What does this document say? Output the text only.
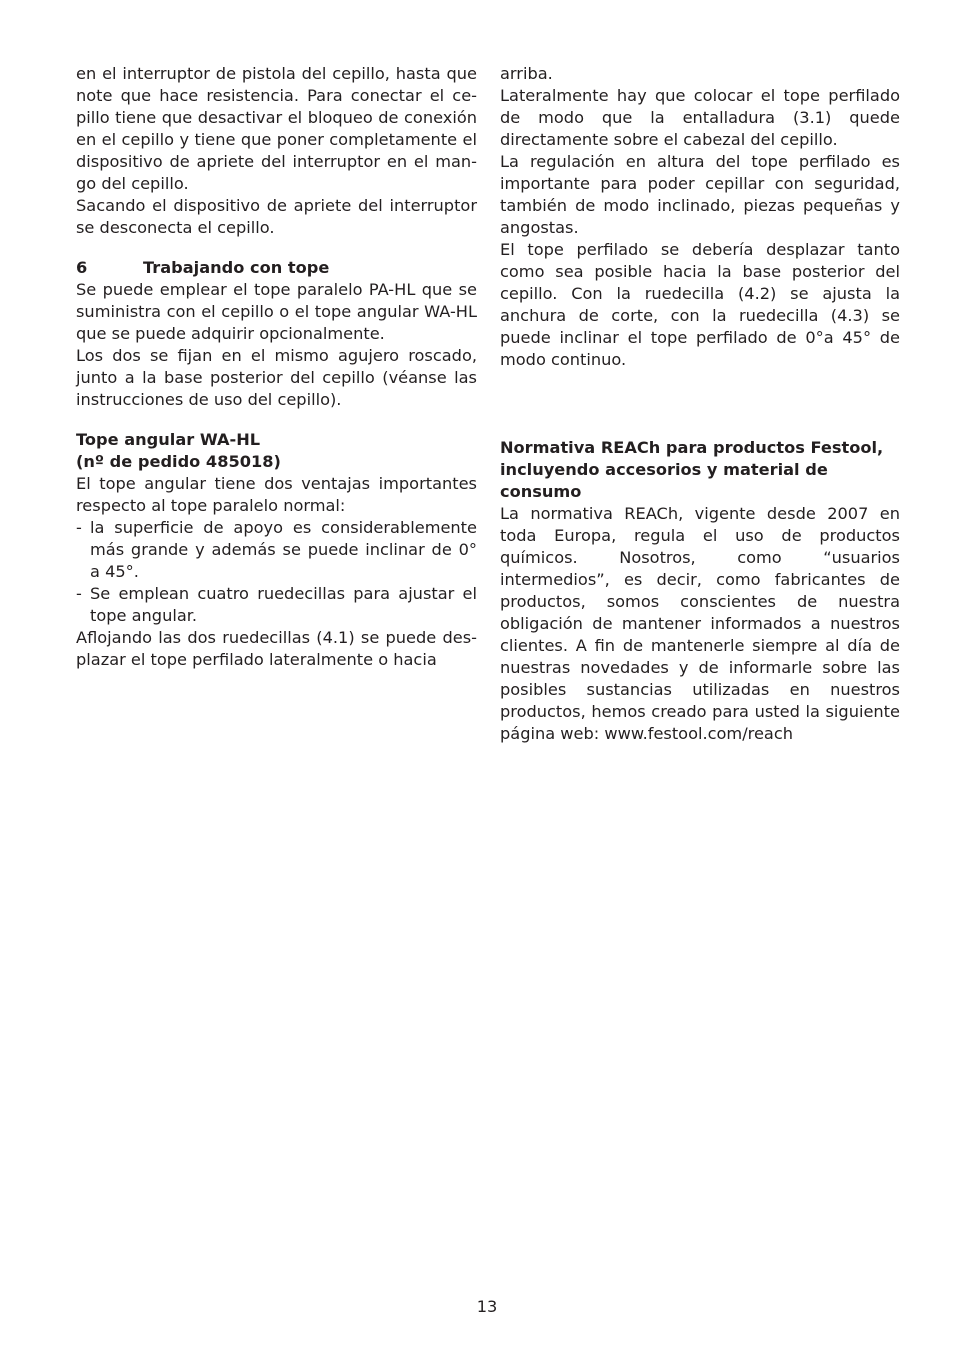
en el interruptor de pistola del cepillo, hasta que note que hace resistencia. Para conectar el cepillo tiene que desactivar el bloqueo de conexión en el cepillo y tiene que poner completamente el dispositivo de apriete del interruptor en el mango del cepillo.

Sacando el dispositivo de apriete del interruptor se desconecta el cepillo.

6	Trabajando con tope

Se puede emplear el tope paralelo PA-HL que se suministra con el cepillo o el tope angular WA-HL que se puede adquirir opcionalmente.

Los dos se fijan en el mismo agujero roscado, junto a la base posterior del cepillo (véanse las instrucciones de uso del cepillo).

Tope angular WA-HL
(nº de pedido 485018)

El tope angular tiene dos ventajas importantes respecto al tope paralelo normal:

- la superficie de apoyo es considerablemente más grande y además se puede inclinar de 0° a 45°.
- Se emplean cuatro ruedecillas para ajustar el tope angular.

Aflojando las dos ruedecillas (4.1) se puede desplazar el tope perfilado lateralmente o hacia

arriba.

Lateralmente hay que colocar el tope perfilado de modo que la entalladura (3.1) quede directamente sobre el cabezal del cepillo.

La regulación en altura del tope perfilado es importante para poder cepillar con seguridad, también de modo inclinado, piezas pequeñas y angostas.

El tope perfilado se debería desplazar tanto como sea posible hacia la base posterior del cepillo. Con la ruedecilla (4.2) se ajusta la anchura de corte, con la ruedecilla (4.3) se puede inclinar el tope perfilado de 0°a 45° de modo continuo.

Normativa REACh para productos Festool, incluyendo accesorios y material de consumo

La normativa REACh, vigente desde 2007 en toda Europa, regula el uso de productos químicos. Nosotros, como “usuarios intermedios”, es decir, como fabricantes de productos, somos conscientes de nuestra obligación de mantener informados a nuestros clientes. A fin de mantenerle siempre al día de nuestras novedades y de informarle sobre las posibles sustancias utilizadas en nuestros productos, hemos creado para usted la siguiente página web: www.festool.com/reach

13
